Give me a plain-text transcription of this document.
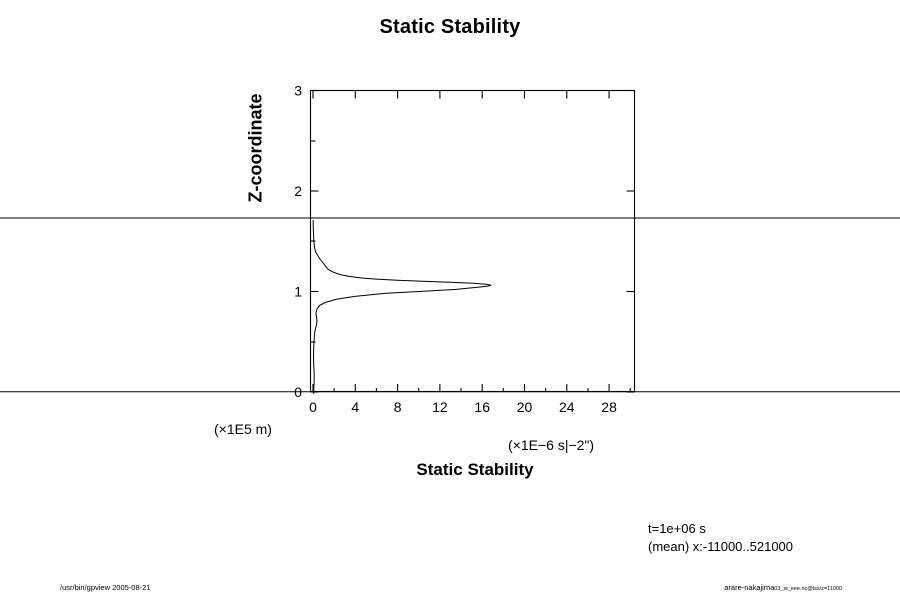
Static Stability
0
1
2
3
0 4 8 12 16 20 24 28
Z-coordinate
(×1E5 m)
(×1E−6 s|−2")
Static Stability
t=1e+06 s
(mean) x:-11000..521000
/usr/bin/gpview 2005-08-21	arare-nakajima03_st_eee.nc@lss/z=11000
